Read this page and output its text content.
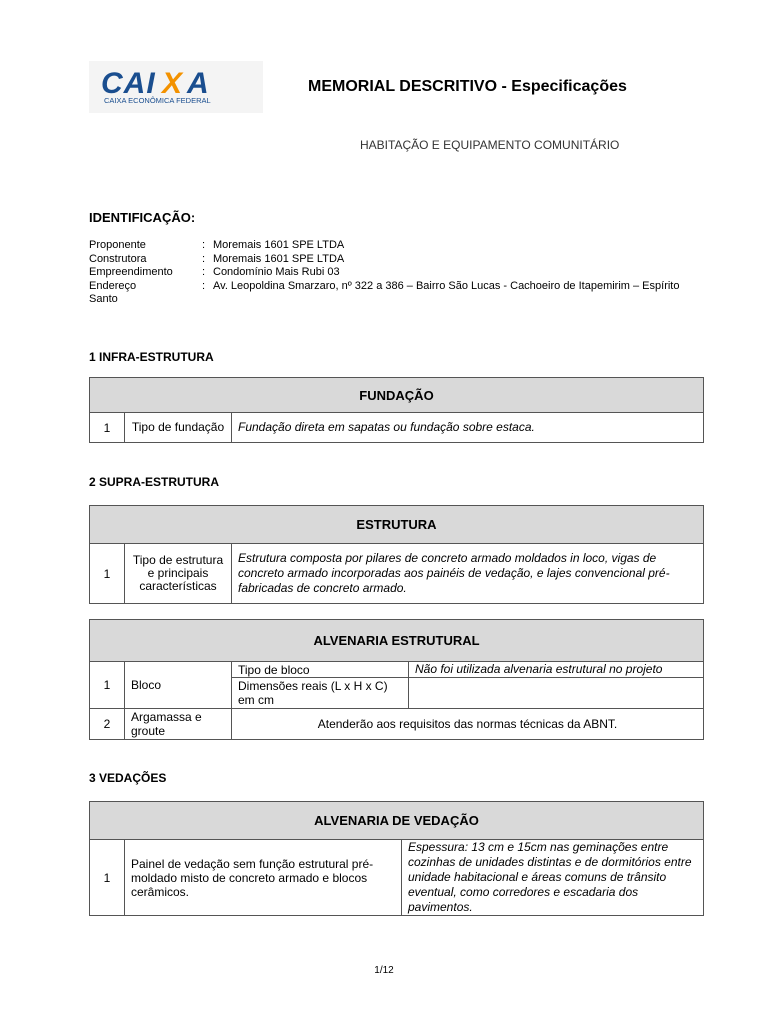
CAI X A
CAIXA ECONÔMICA FEDERAL
MEMORIAL DESCRITIVO - Especificações
HABITAÇÃO E EQUIPAMENTO COMUNITÁRIO
IDENTIFICAÇÃO:
Proponente	: Moremais 1601 SPE LTDA
Construtora	: Moremais 1601 SPE LTDA
Empreendimento	: Condomínio Mais Rubi 03
Endereço	: Av. Leopoldina Smarzaro, nº 322 a 386 – Bairro São Lucas - Cachoeiro de Itapemirim – Espírito
Santo
1 INFRA-ESTRUTURA
FUNDAÇÃO
1	Tipo de fundação	Fundação direta em sapatas ou fundação sobre estaca.
2 SUPRA-ESTRUTURA
ESTRUTURA
1	Tipo de estrutura e principais características	Estrutura composta por pilares de concreto armado moldados in loco, vigas de concreto armado incorporadas aos painéis de vedação, e lajes convencional pré-fabricadas de concreto armado.
ALVENARIA ESTRUTURAL			
1	Bloco	Tipo de bloco	Não foi utilizada alvenaria estrutural no projeto
		Dimensões reais (L x H x C) em cm	
2	Argamassa e groute	Atenderão aos requisitos das normas técnicas da ABNT.	
3 VEDAÇÕES
ALVENARIA DE VEDAÇÃO
1	Painel de vedação sem função estrutural pré-moldado misto de concreto armado e blocos cerâmicos.	Espessura: 13 cm e 15cm nas geminações entre cozinhas de unidades distintas e de dormitórios entre unidade habitacional e áreas comuns de trânsito eventual, como corredores e escadaria dos pavimentos.
1/12
